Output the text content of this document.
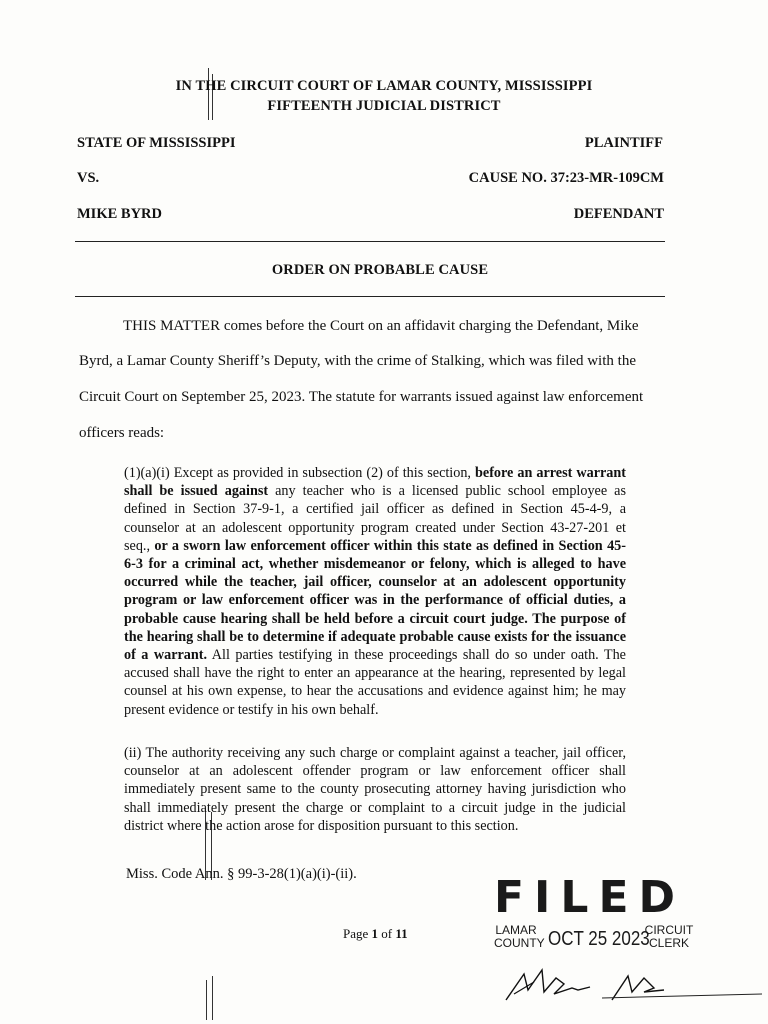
IN THE CIRCUIT COURT OF LAMAR COUNTY, MISSISSIPPI
FIFTEENTH JUDICIAL DISTRICT
STATE OF MISSISSIPPI	PLAINTIFF
VS.	CAUSE NO. 37:23-MR-109CM
MIKE BYRD	DEFENDANT
ORDER ON PROBABLE CAUSE
THIS MATTER comes before the Court on an affidavit charging the Defendant, Mike
Byrd, a Lamar County Sheriff’s Deputy, with the crime of Stalking, which was filed with the
Circuit Court on September 25, 2023. The statute for warrants issued against law enforcement
officers reads:
(1)(a)(i) Except as provided in subsection (2) of this section, before an arrest warrant shall be issued against any teacher who is a licensed public school employee as defined in Section 37-9-1, a certified jail officer as defined in Section 45-4-9, a counselor at an adolescent opportunity program created under Section 43-27-201 et seq., or a sworn law enforcement officer within this state as defined in Section 45-6-3 for a criminal act, whether misdemeanor or felony, which is alleged to have occurred while the teacher, jail officer, counselor at an adolescent opportunity program or law enforcement officer was in the performance of official duties, a probable cause hearing shall be held before a circuit court judge. The purpose of the hearing shall be to determine if adequate probable cause exists for the issuance of a warrant. All parties testifying in these proceedings shall do so under oath. The accused shall have the right to enter an appearance at the hearing, represented by legal counsel at his own expense, to hear the accusations and evidence against him; he may present evidence or testify in his own behalf.
(ii) The authority receiving any such charge or complaint against a teacher, jail officer, counselor at an adolescent offender program or law enforcement officer shall immediately present same to the county prosecuting attorney having jurisdiction who shall immediately present the charge or complaint to a circuit judge in the judicial district where the action arose for disposition pursuant to this section.
Miss. Code Ann. § 99-3-28(1)(a)(i)-(ii).
Page 1 of 11
FILED
LAMAR
COUNTY OCT 25 2023
CIRCUIT
CLERK
